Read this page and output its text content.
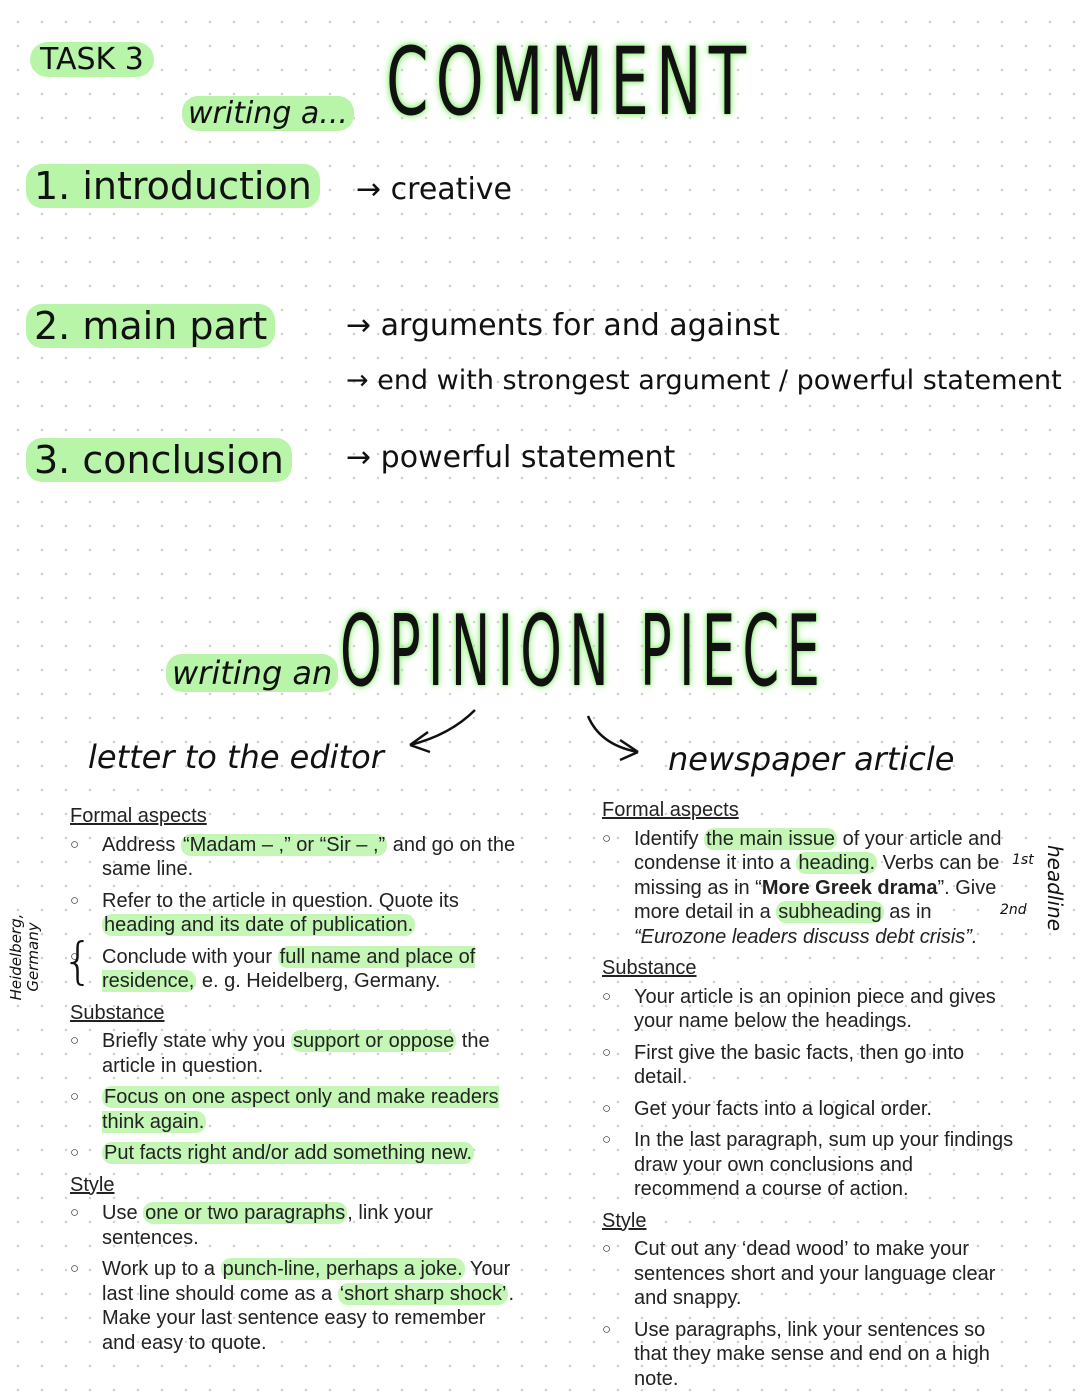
TASK 3
writing a... COMMENT
1. introduction → creative
2. main part	→ arguments for and against
→ end with strongest argument / powerful statement
3. conclusion → powerful statement
writing an OPINION PIECE
letter to the editor	newspaper article
Formal aspects
○ Address “Madam – ,” or “Sir – ,” and go on the same line.
○ Refer to the article in question. Quote its heading and its date of publication.
○ Conclude with your full name and place of residence, e. g. Heidelberg, Germany.
Substance
○ Briefly state why you support or oppose the article in question.
○ Focus on one aspect only and make readers think again.
○ Put facts right and/or add something new.
Style
○ Use one or two paragraphs , link your sentences.
○ Work up to a punch-line, perhaps a joke. Your last line should come as a ‘short sharp shock’ . Make your last sentence easy to remember and easy to quote.
Heidelberg, Germany {
Formal aspects
○ Identify the main issue of your article and condense it into a heading. Verbs can be missing as in “More Greek drama”. Give more detail in a subheading as in “Eurozone leaders discuss debt crisis”.
Substance
○ Your article is an opinion piece and gives your name below the headings.
○ First give the basic facts, then go into detail.
○ Get your facts into a logical order.
○ In the last paragraph, sum up your findings draw your own conclusions and recommend a course of action.
Style
○ Cut out any ‘dead wood’ to make your sentences short and your language clear and snappy.
○ Use paragraphs, link your sentences so that they make sense and end on a high note.
1st
2nd headline
